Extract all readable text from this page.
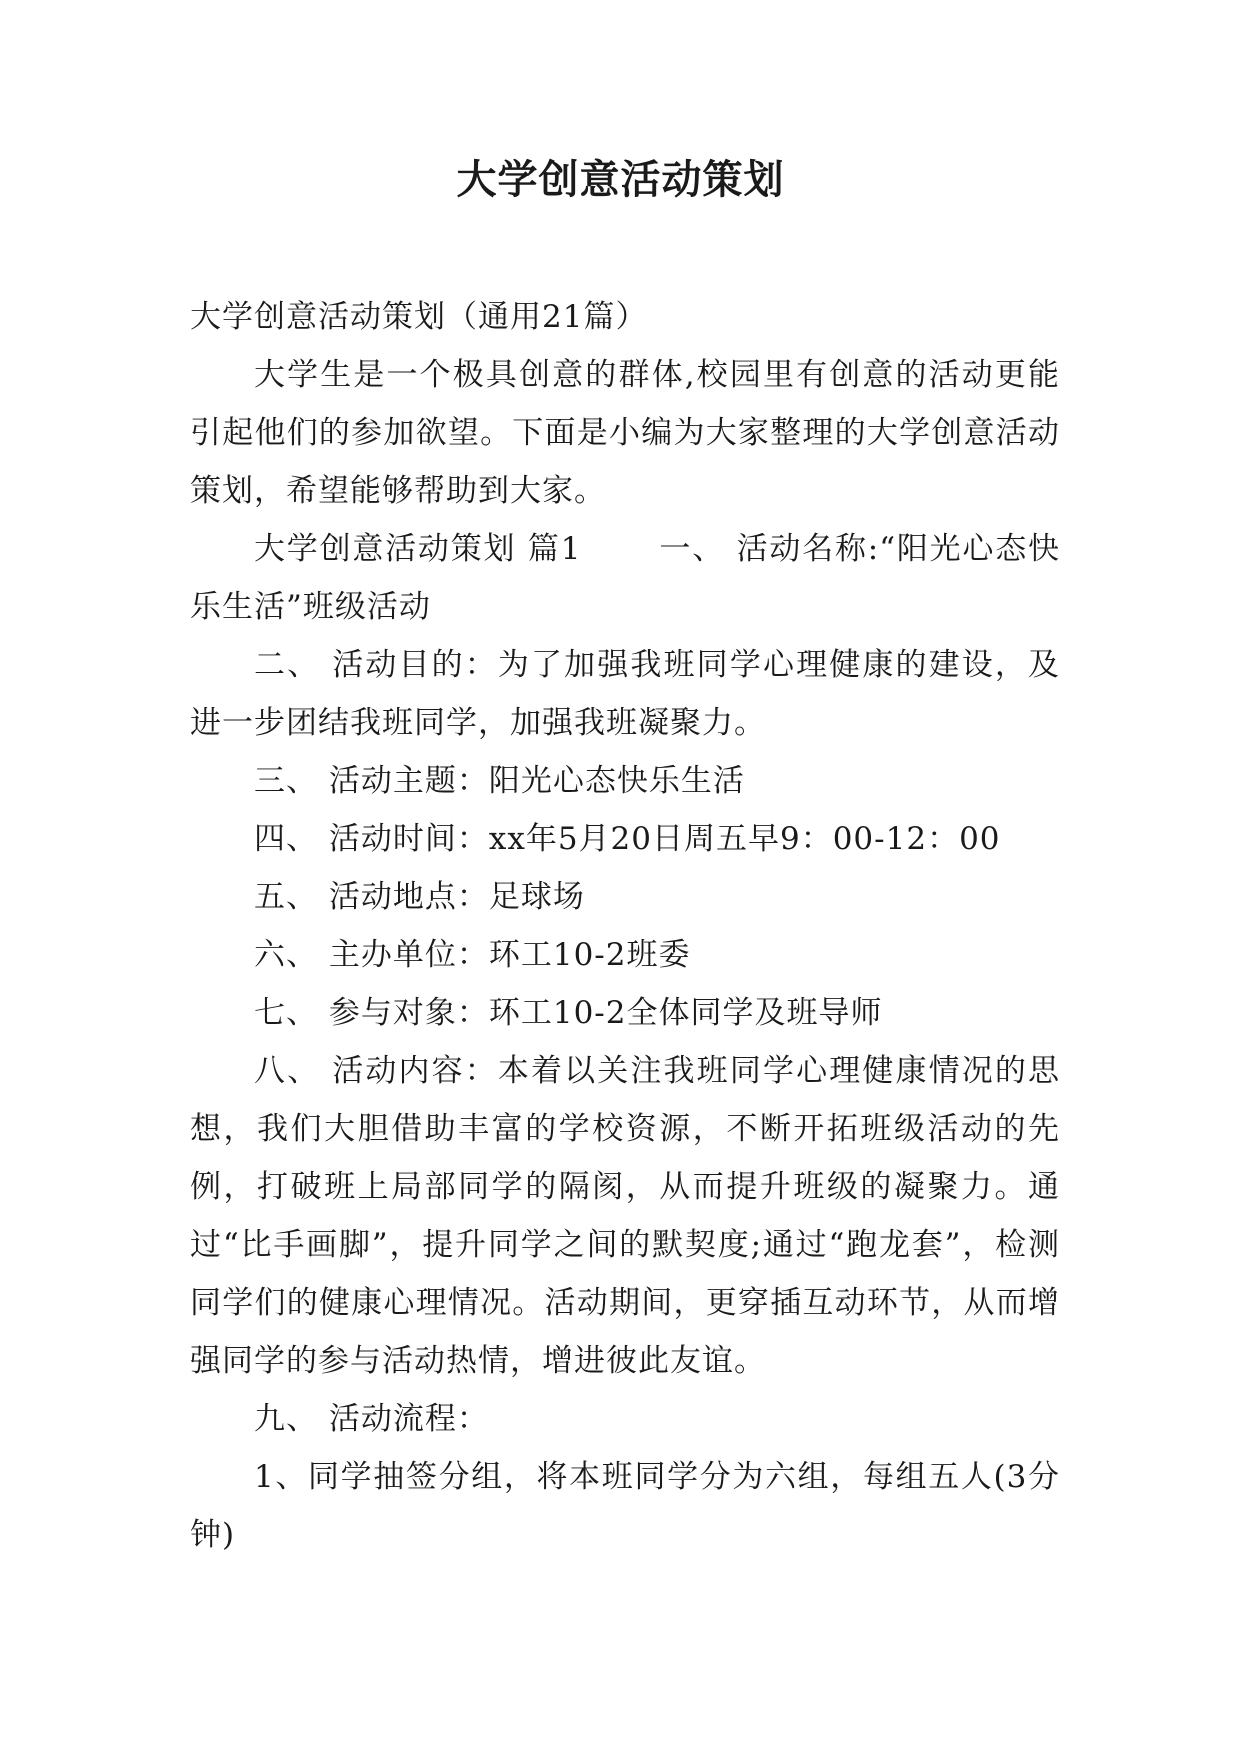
大学创意活动策划

大学创意活动策划（通用21篇）

大学生是一个极具创意的群体,校园里有创意的活动更能引起他们的参加欲望。下面是小编为大家整理的大学创意活动策划，希望能够帮助到大家。

大学创意活动策划 篇1　　 一、 活动名称:“阳光心态快乐生活”班级活动

二、 活动目的：为了加强我班同学心理健康的建设，及进一步团结我班同学，加强我班凝聚力。

三、 活动主题：阳光心态快乐生活

四、 活动时间：xx年5月20日周五早9：00-12：00

五、 活动地点：足球场

六、 主办单位：环工10-2班委

七、 参与对象：环工10-2全体同学及班导师

八、 活动内容：本着以关注我班同学心理健康情况的思想，我们大胆借助丰富的学校资源，不断开拓班级活动的先例，打破班上局部同学的隔阂，从而提升班级的凝聚力。通过“比手画脚”，提升同学之间的默契度;通过“跑龙套”，检测同学们的健康心理情况。活动期间，更穿插互动环节，从而增强同学的参与活动热情，增进彼此友谊。

九、 活动流程：

1、同学抽签分组，将本班同学分为六组，每组五人(3分钟)
